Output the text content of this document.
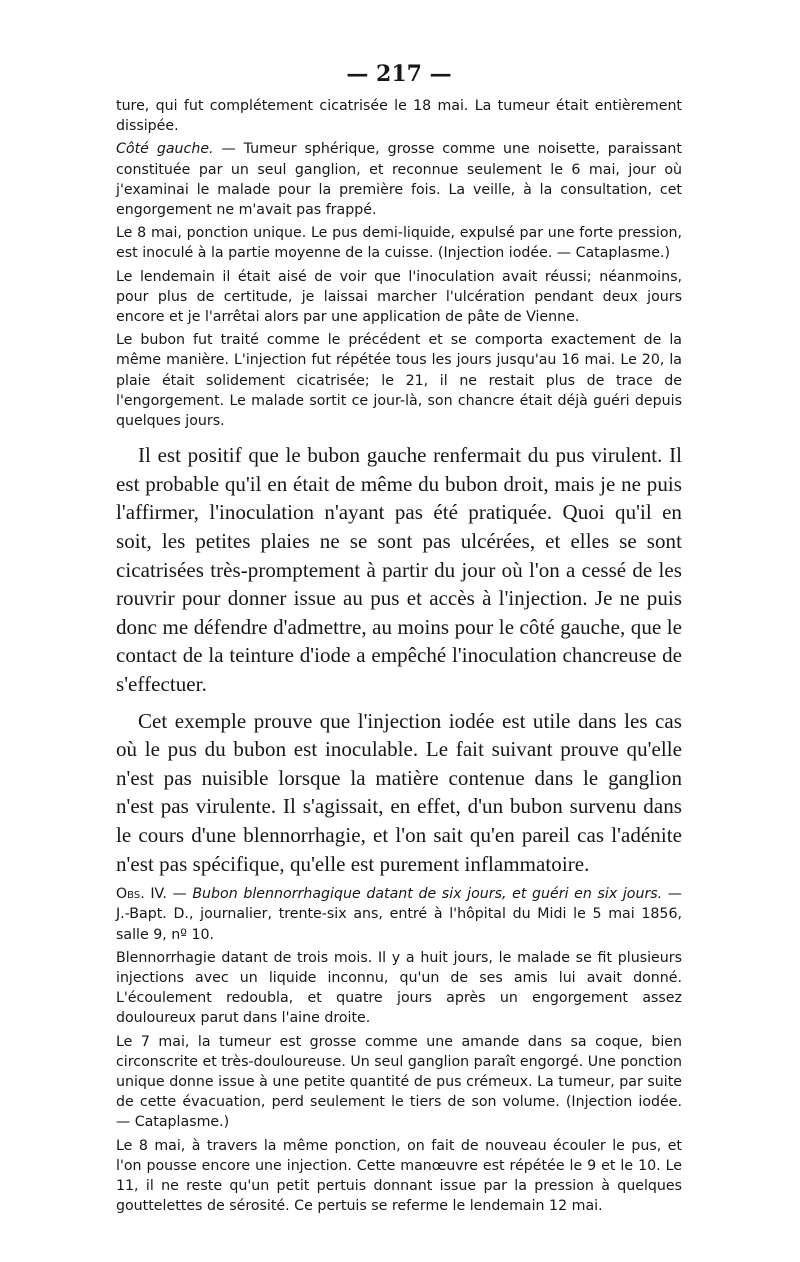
— 217 —

ture, qui fut complétement cicatrisée le 18 mai. La tumeur était entièrement dissipée.

Côté gauche. — Tumeur sphérique, grosse comme une noisette, paraissant constituée par un seul ganglion, et reconnue seulement le 6 mai, jour où j'examinai le malade pour la première fois. La veille, à la consultation, cet engorgement ne m'avait pas frappé.

Le 8 mai, ponction unique. Le pus demi-liquide, expulsé par une forte pression, est inoculé à la partie moyenne de la cuisse. (Injection iodée. — Cataplasme.)

Le lendemain il était aisé de voir que l'inoculation avait réussi; néanmoins, pour plus de certitude, je laissai marcher l'ulcération pendant deux jours encore et je l'arrêtai alors par une application de pâte de Vienne.

Le bubon fut traité comme le précédent et se comporta exactement de la même manière. L'injection fut répétée tous les jours jusqu'au 16 mai. Le 20, la plaie était solidement cicatrisée; le 21, il ne restait plus de trace de l'engorgement. Le malade sortit ce jour-là, son chancre était déjà guéri depuis quelques jours.

Il est positif que le bubon gauche renfermait du pus virulent. Il est probable qu'il en était de même du bubon droit, mais je ne puis l'affirmer, l'inoculation n'ayant pas été pratiquée. Quoi qu'il en soit, les petites plaies ne se sont pas ulcérées, et elles se sont cicatrisées très-promptement à partir du jour où l'on a cessé de les rouvrir pour donner issue au pus et accès à l'injection. Je ne puis donc me défendre d'admettre, au moins pour le côté gauche, que le contact de la teinture d'iode a empêché l'inoculation chancreuse de s'effectuer.

Cet exemple prouve que l'injection iodée est utile dans les cas où le pus du bubon est inoculable. Le fait suivant prouve qu'elle n'est pas nuisible lorsque la matière contenue dans le ganglion n'est pas virulente. Il s'agissait, en effet, d'un bubon survenu dans le cours d'une blennorrhagie, et l'on sait qu'en pareil cas l'adénite n'est pas spécifique, qu'elle est purement inflammatoire.

Obs. IV. — Bubon blennorrhagique datant de six jours, et guéri en six jours. — J.-Bapt. D., journalier, trente-six ans, entré à l'hôpital du Midi le 5 mai 1856, salle 9, nº 10.

Blennorrhagie datant de trois mois. Il y a huit jours, le malade se fit plusieurs injections avec un liquide inconnu, qu'un de ses amis lui avait donné. L'écoulement redoubla, et quatre jours après un engorgement assez douloureux parut dans l'aine droite.

Le 7 mai, la tumeur est grosse comme une amande dans sa coque, bien circonscrite et très-douloureuse. Un seul ganglion paraît engorgé. Une ponction unique donne issue à une petite quantité de pus crémeux. La tumeur, par suite de cette évacuation, perd seulement le tiers de son volume. (Injection iodée. — Cataplasme.)

Le 8 mai, à travers la même ponction, on fait de nouveau écouler le pus, et l'on pousse encore une injection. Cette manœuvre est répétée le 9 et le 10. Le 11, il ne reste qu'un petit pertuis donnant issue par la pression à quelques gouttelettes de sérosité. Ce pertuis se referme le lendemain 12 mai.
